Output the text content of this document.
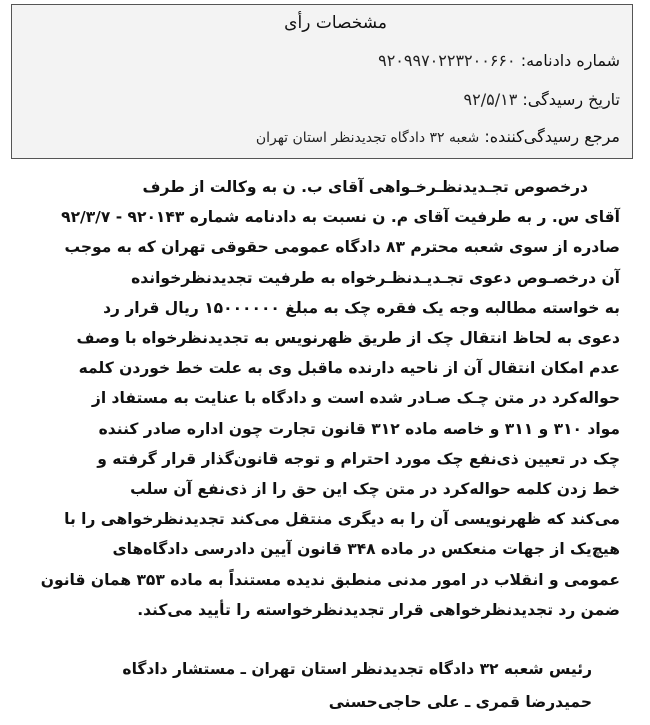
مشخصات رأی
شماره دادنامه: ۹۲۰۹۹۷۰۲۲۳۲۰۰۶۶۰
تاریخ رسیدگی: ۹۲/۵/۱۳
مرجع رسیدگی‌کننده: شعبه ۳۲ دادگاه تجدیدنظر استان تهران
درخصوص تجـدیدنظـرخـواهی آقای ب. ن به وکالت از طرف
آقای س. ر به طرفیت آقای م. ن نسبت به دادنامه شماره ۹۲۰۱۴۳ - ۹۲/۳/۷
صادره از سوی شعبه محترم ۸۳ دادگاه عمومی حقوقی تهران که به موجب
آن درخصـوص دعوی تجـدیـدنظـرخواه به طرفیت تجدیدنظرخوانده
به خواسته مطالبه وجه یک فقره چک به مبلغ ۱۵۰۰۰۰۰۰ ریال قرار رد
دعوی به لحاظ انتقال چک از طریق ظهرنویس به تجدیدنظرخواه با وصف
عدم امکان انتقال آن از ناحیه دارنده ماقبل وی به علت خط خوردن کلمه
حواله‌کرد در متن چـک صـادر شده است و دادگاه با عنایت به مستفاد از
مواد ۳۱۰ و ۳۱۱ و خاصه ماده ۳۱۲ قانون تجارت چون اداره صادر کننده
چک در تعیین ذی‌نفع چک مورد احترام و توجه قانون‌گذار قرار گرفته و
خط زدن کلمه حواله‌کرد در متن چک این حق را از ذی‌نفع آن سلب
می‌کند که ظهرنویسی آن را به دیگری منتقل می‌کند تجدیدنظرخواهی را با
هیچ‌یک از جهات منعکس در ماده ۳۴۸ قانون آیین دادرسی دادگاه‌های
عمومی و انقلاب در امور مدنی منطبق ندیده مستنداً به ماده ۳۵۳ همان قانون
ضمن رد تجدیدنظرخواهی قرار تجدیدنظرخواسته را تأیید می‌کند.
رئیس شعبه ۳۲ دادگاه تجدیدنظر استان تهران ـ مستشار دادگاه
حمیدرضا قمری ـ علی حاجی‌حسنی
